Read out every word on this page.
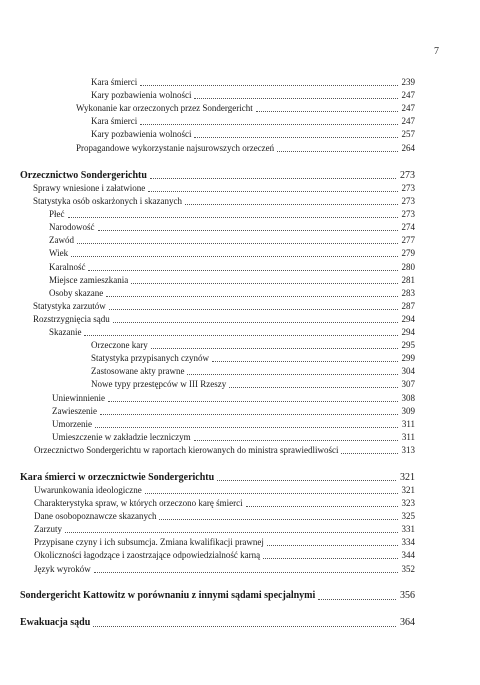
7
Kara śmierci	239
Kary pozbawienia wolności	247
Wykonanie kar orzeczonych przez Sondergericht	247
Kara śmierci	247
Kary pozbawienia wolności	257
Propagandowe wykorzystanie najsurowszych orzeczeń	264
Orzecznictwo Sondergerichtu	273
Sprawy wniesione i załatwione	273
Statystyka osób oskarżonych i skazanych	273
Płeć	273
Narodowość	274
Zawód	277
Wiek	279
Karalność	280
Miejsce zamieszkania	281
Osoby skazane	283
Statystyka zarzutów	287
Rozstrzygnięcia sądu	294
Skazanie	294
Orzeczone kary	295
Statystyka przypisanych czynów	299
Zastosowane akty prawne	304
Nowe typy przestępców w III Rzeszy	307
Uniewinnienie	308
Zawieszenie	309
Umorzenie	311
Umieszczenie w zakładzie leczniczym	311
Orzecznictwo Sondergerichtu w raportach kierowanych do ministra sprawiedliwości	313
Kara śmierci w orzecznictwie Sondergerichtu	321
Uwarunkowania ideologiczne	321
Charakterystyka spraw, w których orzeczono karę śmierci	323
Dane osobopoznawcze skazanych	325
Zarzuty	331
Przypisane czyny i ich subsumcja. Zmiana kwalifikacji prawnej	334
Okoliczności łagodzące i zaostrzające odpowiedzialność karną	344
Język wyroków	352
Sondergericht Kattowitz w porównaniu z innymi sądami specjalnymi	356
Ewakuacja sądu	364
